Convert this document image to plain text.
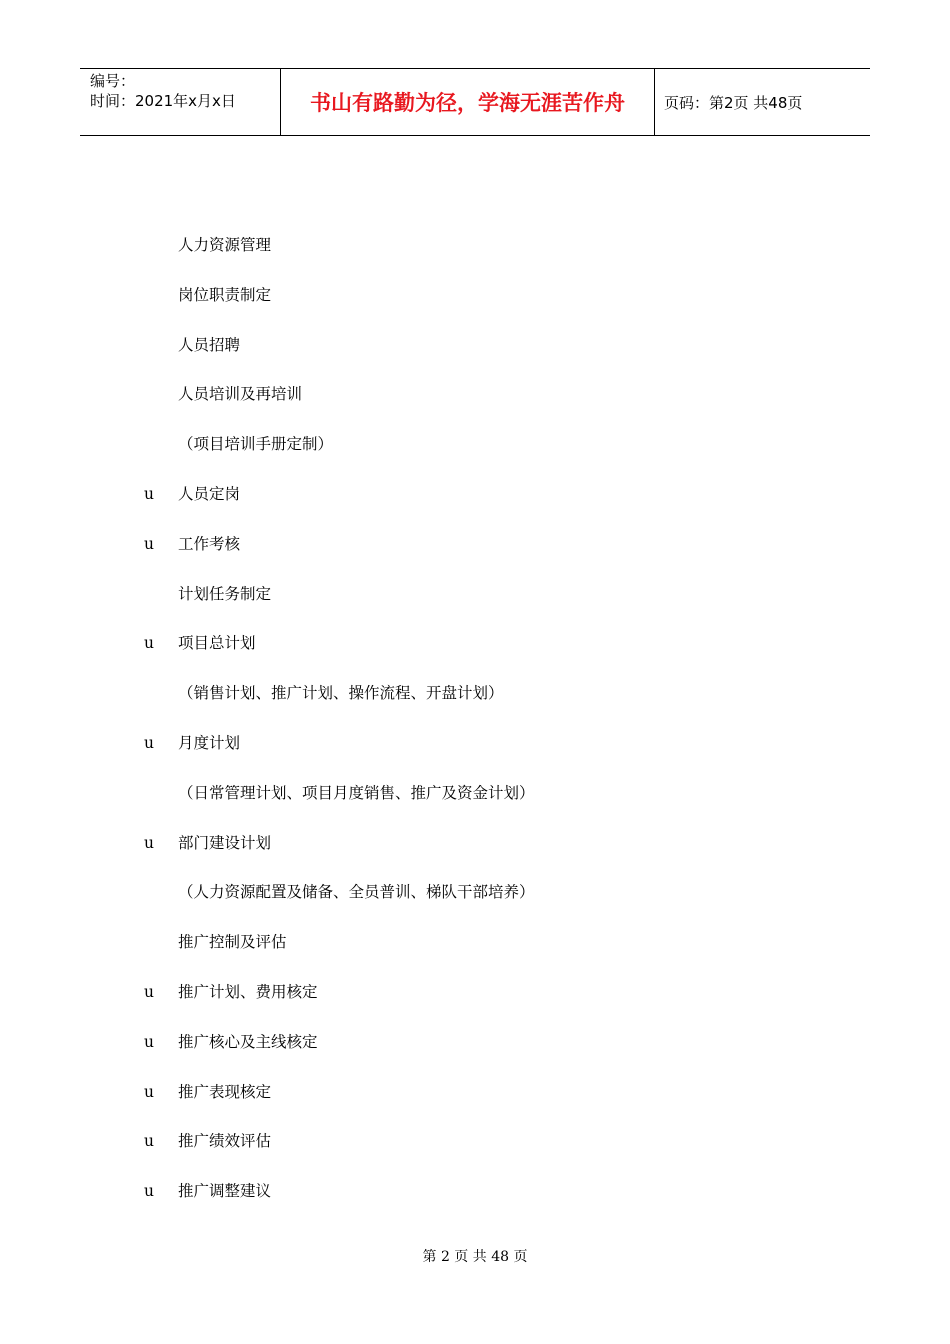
编号：
时间：2021年x月x日	书山有路勤为径，学海无涯苦作舟	页码：第2页 共48页
人力资源管理
岗位职责制定
人员招聘
人员培训及再培训
（项目培训手册定制）
u 人员定岗
u 工作考核
计划任务制定
u 项目总计划
（销售计划、推广计划、操作流程、开盘计划）
u 月度计划
（日常管理计划、项目月度销售、推广及资金计划）
u 部门建设计划
（人力资源配置及储备、全员普训、梯队干部培养）
推广控制及评估
u 推广计划、费用核定
u 推广核心及主线核定
u 推广表现核定
u 推广绩效评估
u 推广调整建议
第 2 页 共 48 页
